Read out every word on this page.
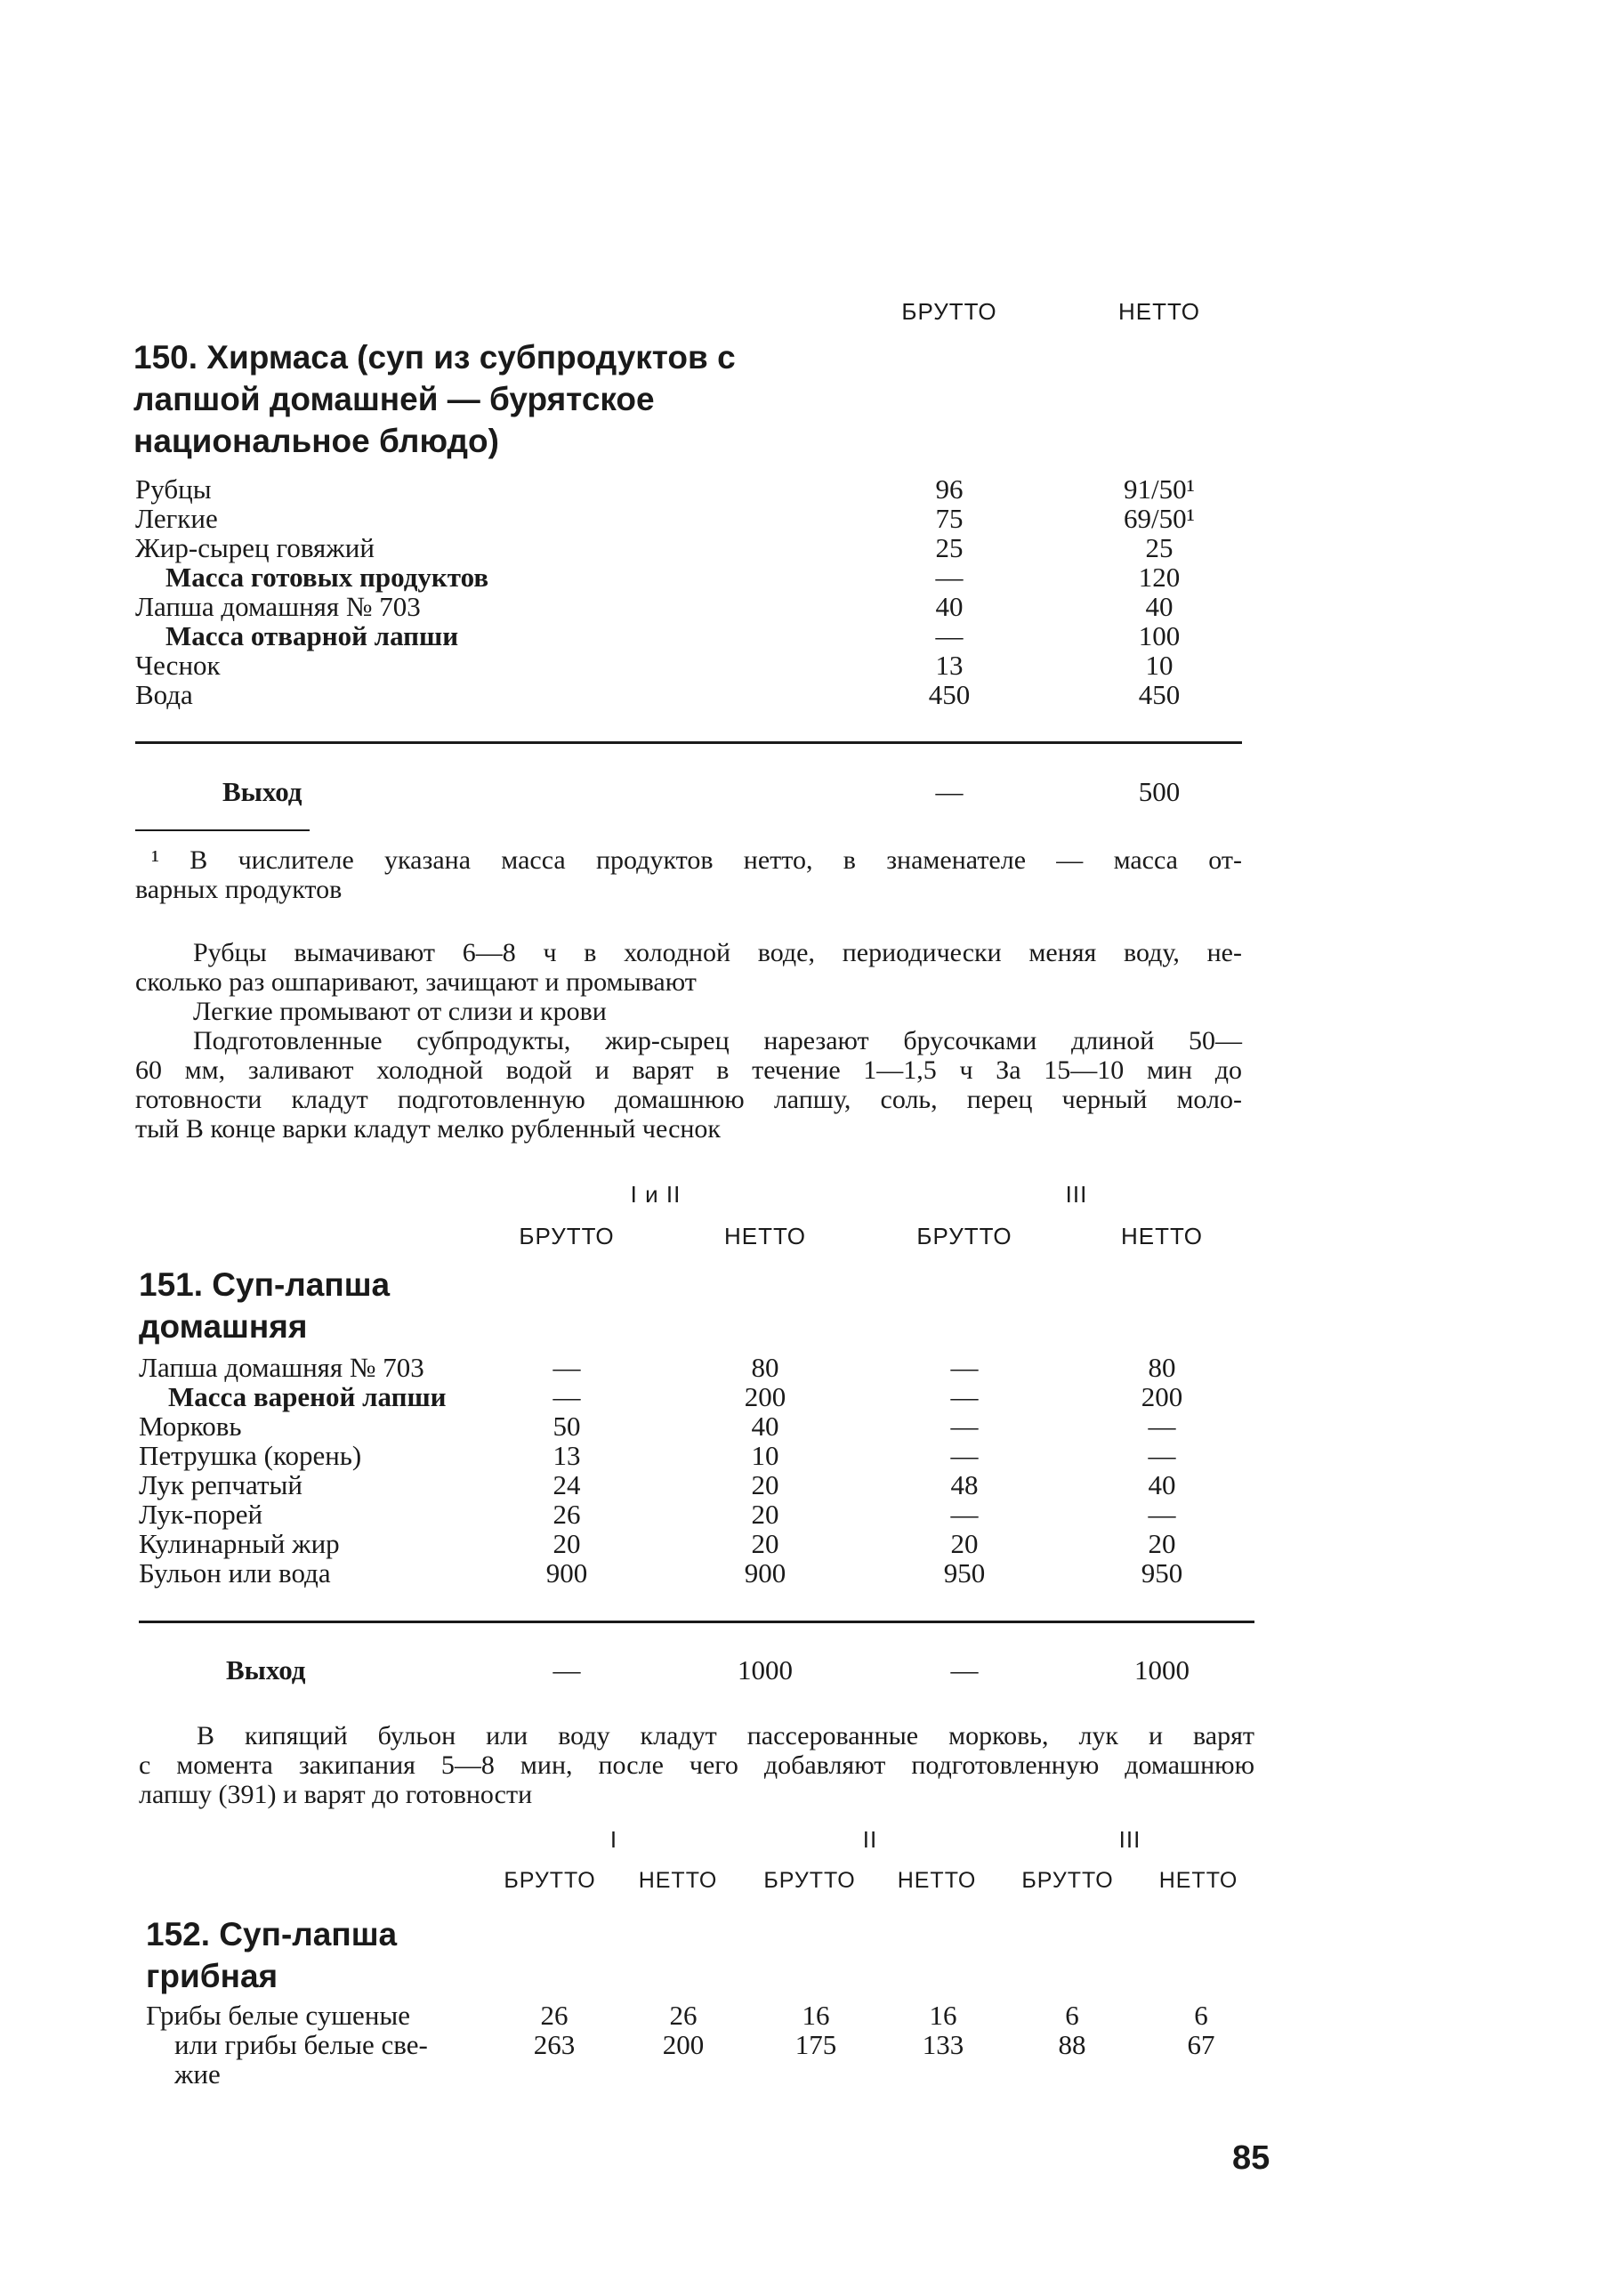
БРУТТО	НЕТТО
150. Хирмаса (суп из субпродуктов с лапшой домашней — бурятское национальное блюдо)
Рубцы	96	91/50¹
Легкие	75	69/50¹
Жир-сырец говяжий	25	25
Масса готовых продуктов	—	120
Лапша домашняя № 703	40	40
Масса отварной лапши	—	100
Чеснок	13	10
Вода	450	450
Выход	—	500
¹ В числителе указана масса продуктов нетто, в знаменателе — масса от-
варных продуктов
Рубцы вымачивают 6—8 ч в холодной воде, периодически меняя воду, не-
сколько раз ошпаривают, зачищают и промывают
Легкие промывают от слизи и крови
Подготовленные субпродукты, жир-сырец нарезают брусочками длиной 50—
60 мм, заливают холодной водой и варят в течение 1—1,5 ч За 15—10 мин до
готовности кладут подготовленную домашнюю лапшу, соль, перец черный моло-
тый В конце варки кладут мелко рубленный чеснок
I и II	III
БРУТТО	НЕТТО	БРУТТО	НЕТТО
151. Суп-лапша домашняя
Лапша домашняя № 703	—	80	—	80
Масса вареной лапши	—	200	—	200
Морковь	50	40	—	—
Петрушка (корень)	13	10	—	—
Лук репчатый	24	20	48	40
Лук-порей	26	20	—	—
Кулинарный жир	20	20	20	20
Бульон или вода	900	900	950	950
Выход	—	1000	—	1000
В кипящий бульон или воду кладут пассерованные морковь, лук и варят
с момента закипания 5—8 мин, после чего добавляют подготовленную домашнюю
лапшу (391) и варят до готовности
I	II	III
БРУТТО НЕТТО БРУТТО НЕТТО БРУТТО НЕТТО
152. Суп-лапша грибная
Грибы белые сушеные	26	26	16	16	6	6
или грибы белые све-	263	200	175	133	88	67
жие
85
